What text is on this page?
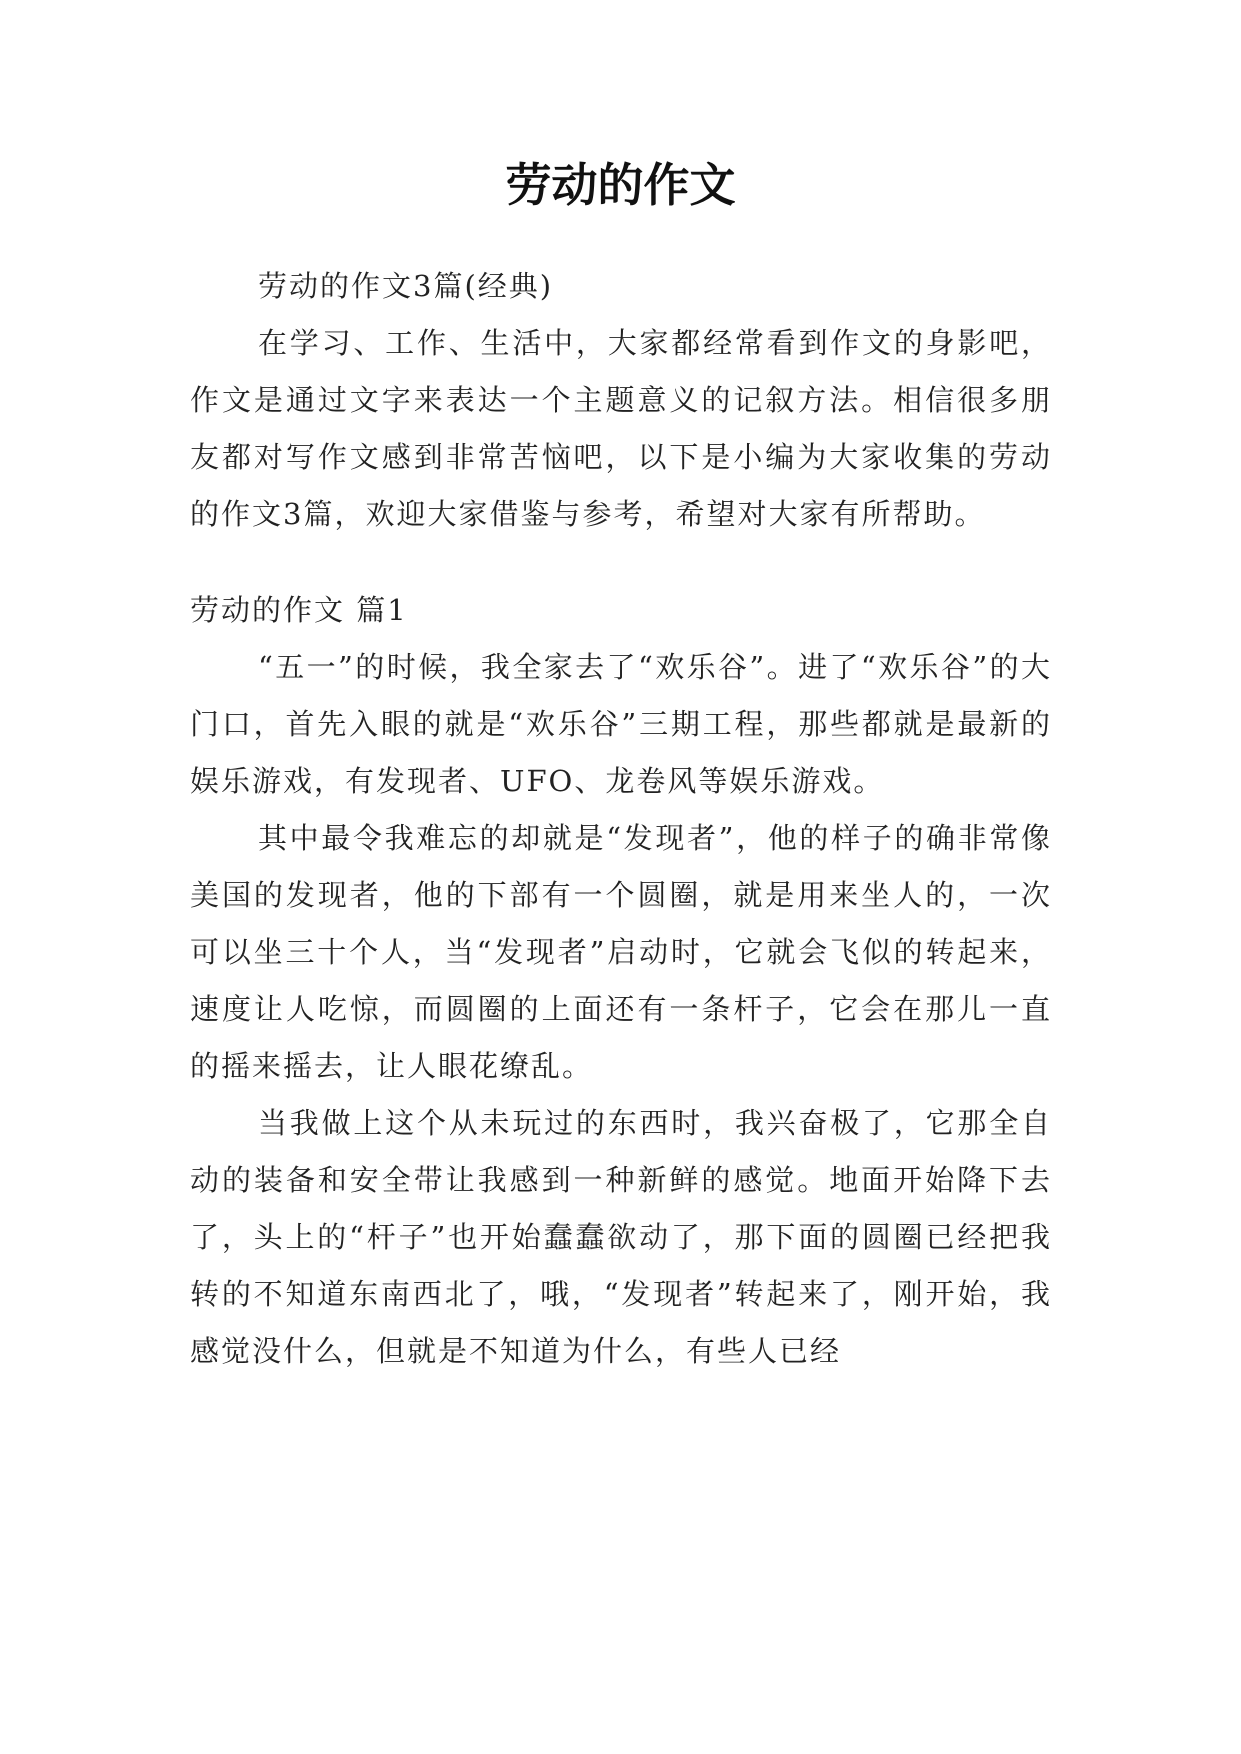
劳动的作文

劳动的作文3篇(经典)

在学习、工作、生活中，大家都经常看到作文的身影吧，作文是通过文字来表达一个主题意义的记叙方法。相信很多朋友都对写作文感到非常苦恼吧，以下是小编为大家收集的劳动的作文3篇，欢迎大家借鉴与参考，希望对大家有所帮助。

劳动的作文 篇1

“五一”的时候，我全家去了“欢乐谷”。进了“欢乐谷”的大门口，首先入眼的就是“欢乐谷”三期工程，那些都就是最新的娱乐游戏，有发现者、UFO、龙卷风等娱乐游戏。

其中最令我难忘的却就是“发现者”，他的样子的确非常像美国的发现者，他的下部有一个圆圈，就是用来坐人的，一次可以坐三十个人，当“发现者”启动时，它就会飞似的转起来，速度让人吃惊，而圆圈的上面还有一条杆子，它会在那儿一直的摇来摇去，让人眼花缭乱。

当我做上这个从未玩过的东西时，我兴奋极了，它那全自动的装备和安全带让我感到一种新鲜的感觉。地面开始降下去了，头上的“杆子”也开始蠢蠢欲动了，那下面的圆圈已经把我转的不知道东南西北了，哦，“发现者”转起来了，刚开始，我感觉没什么，但就是不知道为什么，有些人已经
